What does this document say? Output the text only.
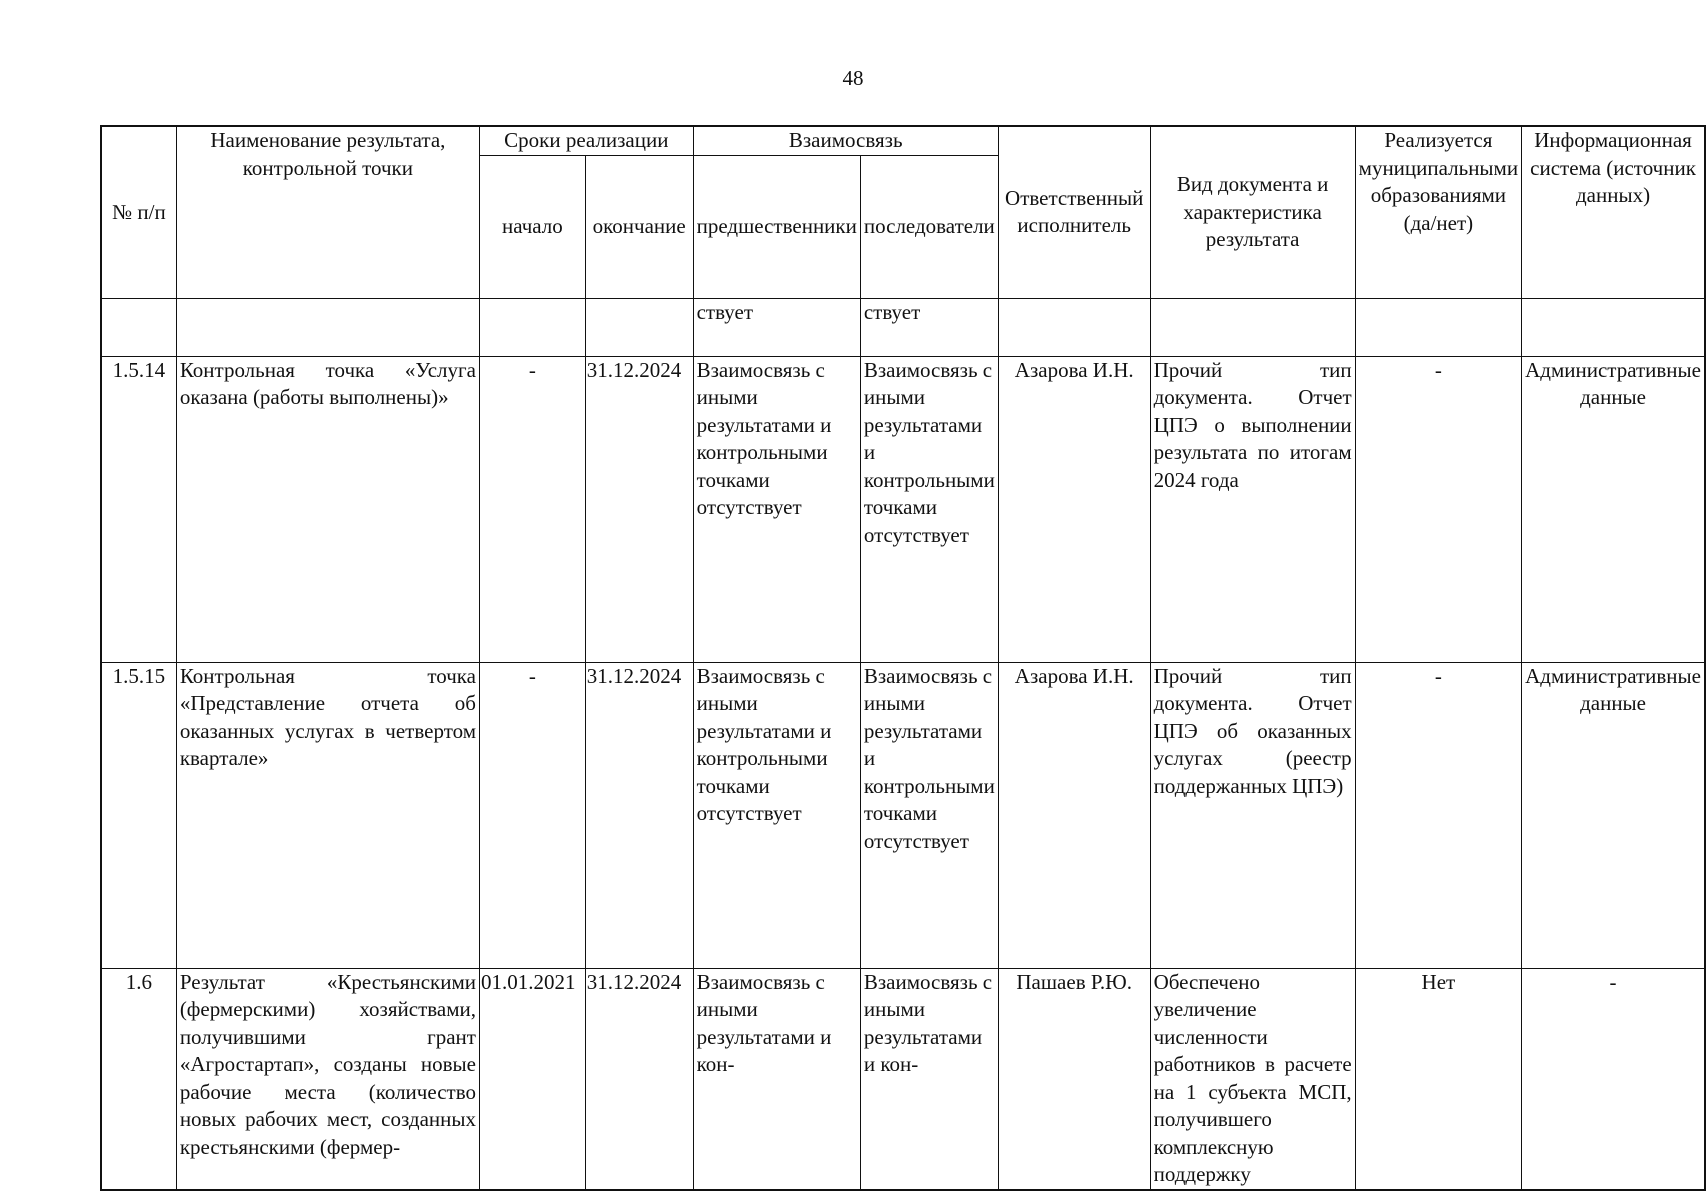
48
№ п/п	Наименование результата, контрольной точки	Сроки реализации		Взаимосвязь		Ответственный исполнитель	Вид документа и характеристика результата	Реализуется муниципальными образованиями (да/нет)	Информационная система (источник данных)
		начало	окончание	предшественники	последователи				
				ствует	ствует				
1.5.14	Контрольная точка «Услуга оказана (работы выполнены)»	-	31.12.2024	Взаимосвязь с иными результатами и контрольными точками отсутствует	Взаимосвязь с иными результатами и контрольными точками отсутствует	Азарова И.Н.	Прочий тип документа. Отчет ЦПЭ о выполнении результата по итогам 2024 года	-	Административные данные
1.5.15	Контрольная точка «Представление отчета об оказанных услугах в четвертом квартале»	-	31.12.2024	Взаимосвязь с иными результатами и контрольными точками отсутствует	Взаимосвязь с иными результатами и контрольными точками отсутствует	Азарова И.Н.	Прочий тип документа. Отчет ЦПЭ об оказанных услугах (реестр поддержанных ЦПЭ)	-	Административные данные
1.6	Результат «Крестьянскими (фермерскими) хозяйствами, получившими грант «Агростартап», созданы новые рабочие места (количество новых рабочих мест, созданных крестьянскими (фермер-	01.01.2021	31.12.2024	Взаимосвязь с иными результатами и кон-	Взаимосвязь с иными результатами и кон-	Пашаев Р.Ю.	Обеспечено увеличение численности работников в расчете на 1 субъекта МСП, получившего комплексную поддержку	Нет	-
